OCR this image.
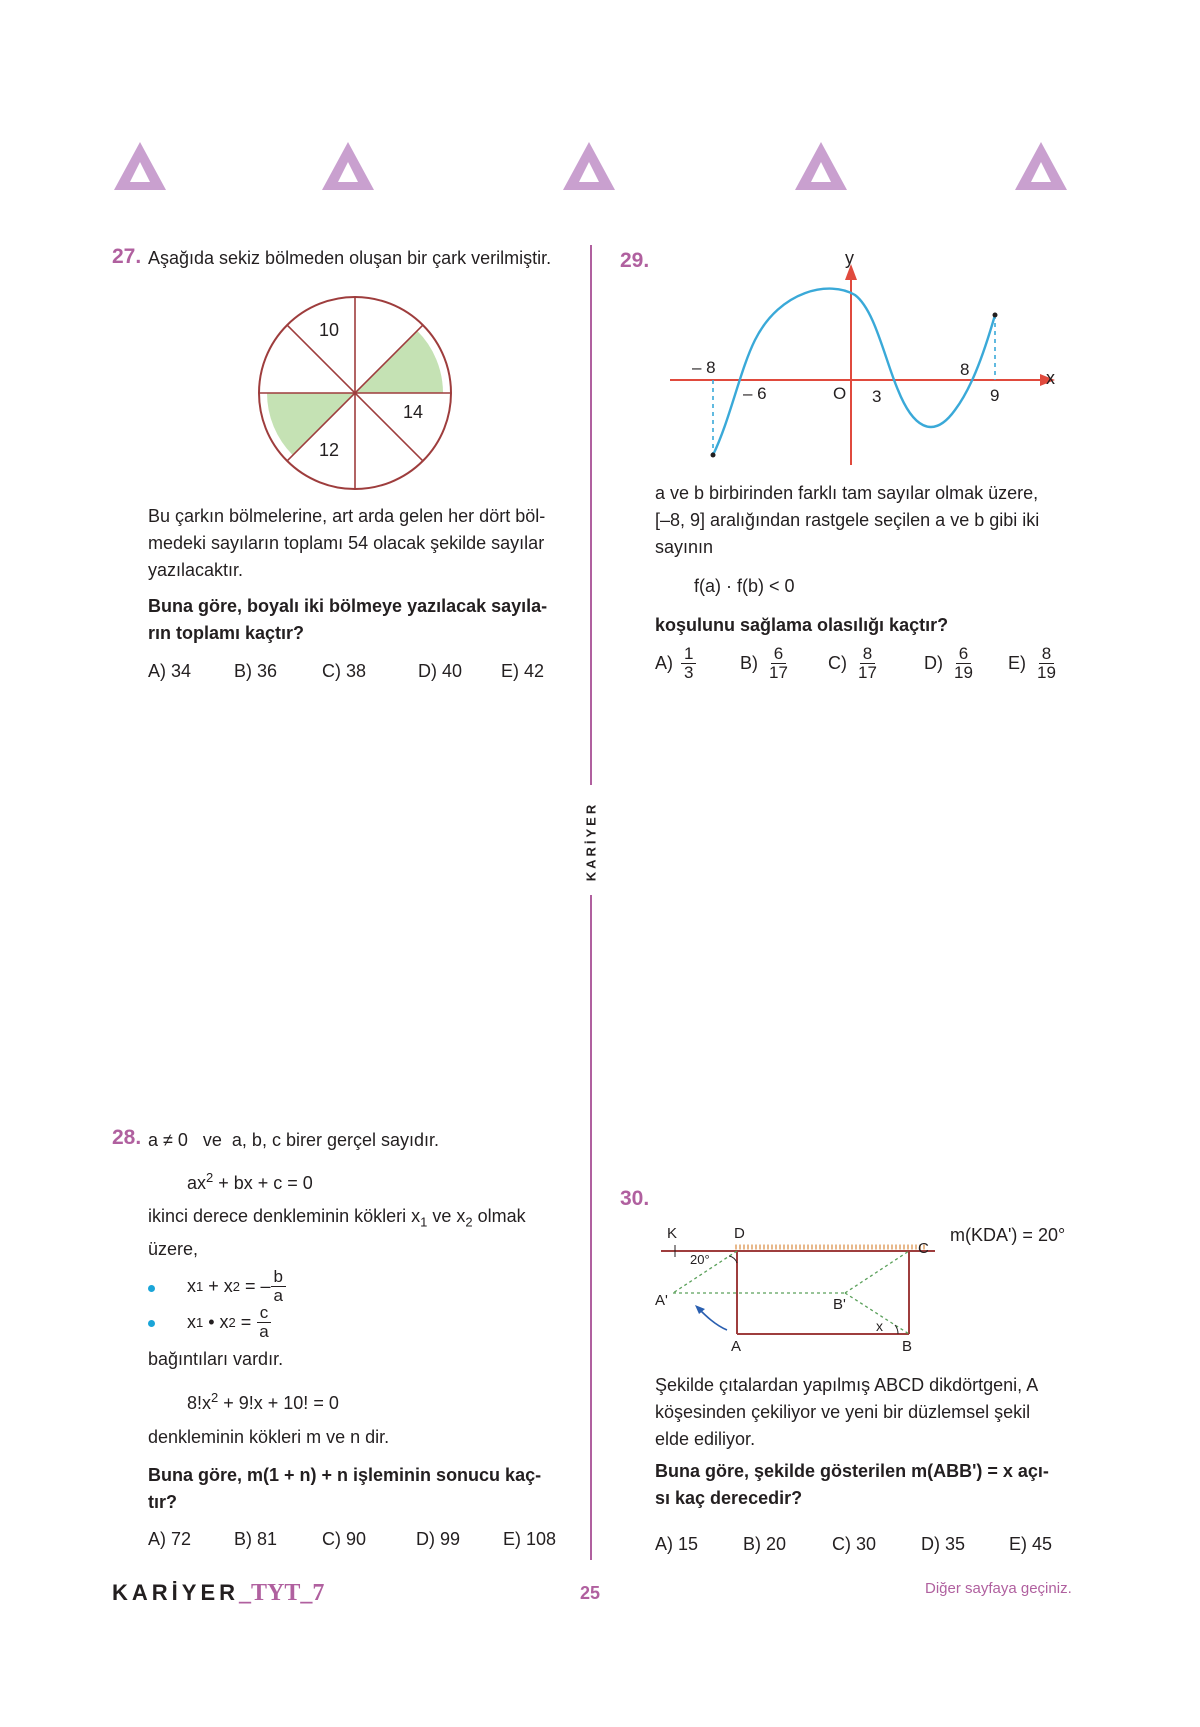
KARİYER
27. Aşağıda sekiz bölmeden oluşan bir çark verilmiştir.
10
14
12
Bu çarkın bölmelerine, art arda gelen her dört böl-
medeki sayıların toplamı 54 olacak şekilde sayılar
yazılacaktır.
Buna göre, boyalı iki bölmeye yazılacak sayıla-
rın toplamı kaçtır?
A) 34 B) 36 C) 38	D) 40 E) 42
28. a ≠ 0   ve  a, b, c birer gerçel sayıdır.
$ax^2$ + bx + c = 0
ikinci derece denkleminin kökleri $x_1$ ve $x_2$ olmak
üzere,
x 1 + x 2 = – $\frac{b}{a}$
x 1 • x $2 = \frac{c}{a}$
bağıntıları vardır.
$8!x^2 + 9!x + 10$! = 0
denkleminin kökleri m ve n dir.
Buna göre, m(1 + n) + n işleminin sonucu kaç-
tır?
A) 72 B) 81 C) 90	D) 99 E) 108
29.	y
x
– 8
– 6	O 3
8
9
a ve b birbirinden farklı tam sayılar olmak üzere,
[–8, 9] aralığından rastgele seçilen a ve b gibi iki
sayının
f(a) · f(b) < 0
koşulunu sağlama olasılığı kaçtır?
$A) \frac{1}{3} B) \frac{6}{17} C) \frac{8}{17} D) \frac{6}{19} E) \frac{8}{19}$
30.
K	D
C
A'	B'
A	B
20°
x
m(KDA') = 20°
Şekilde çıtalardan yapılmış ABCD dikdörtgeni, A
köşesinden çekiliyor ve yeni bir düzlemsel şekil
elde ediliyor.
Buna göre, şekilde gösterilen m(ABB') = x açı-
sı kaç derecedir?
A) 15 B) 20	C) 30 D) 35 E) 45
KARİYER_TYT_7	25	Diğer sayfaya geçiniz.
